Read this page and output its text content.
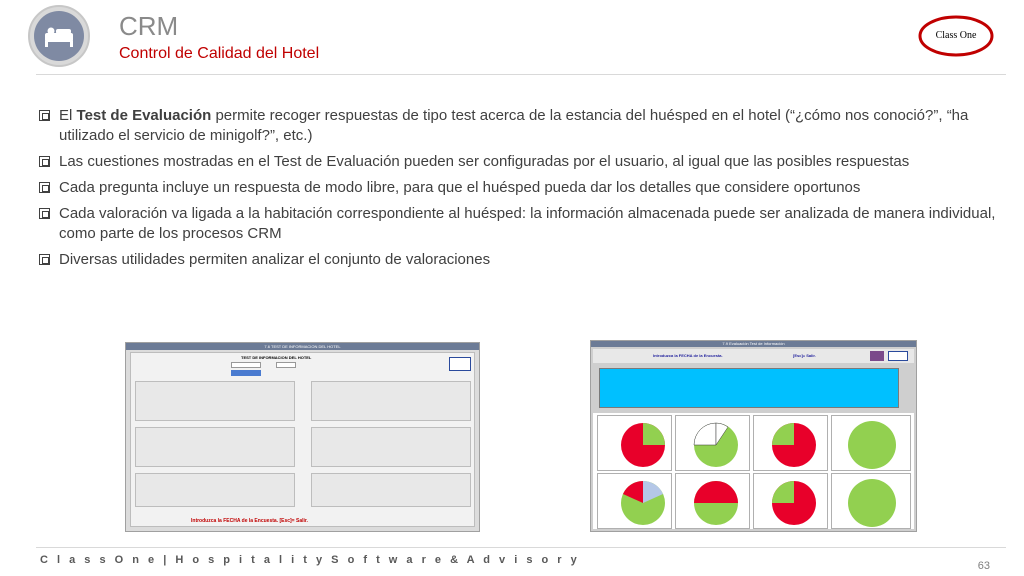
CRM
Control de Calidad del Hotel
Class One
El Test de Evaluación permite recoger respuestas de tipo test acerca de la estancia del huésped en el hotel (“¿cómo nos conoció?”, “ha utilizado el servicio de minigolf?”, etc.)
Las cuestiones mostradas en el Test de Evaluación pueden ser configuradas por el usuario, al igual que las posibles respuestas
Cada pregunta incluye un respuesta de modo libre, para que el huésped pueda dar los detalles que considere oportunos
Cada valoración va ligada a la habitación correspondiente al huésped: la información almacenada puede ser analizada de manera individual, como parte de los procesos CRM
Diversas utilidades permiten analizar el conjunto de valoraciones
7.6 TEST DE INFORMACION DEL HOTEL
TEST DE INFORMACION DEL HOTEL
Introduzca la FECHA de la Encuesta. [Esc]= Salir.
7.9 Evaluación Test de Información
Introduzca la FECHA de la Encuesta.	[Esc]= Salir.
C l a s s O n e | H o s p i t a l i t y S o f t w a r e & A d v i s o r y	63
